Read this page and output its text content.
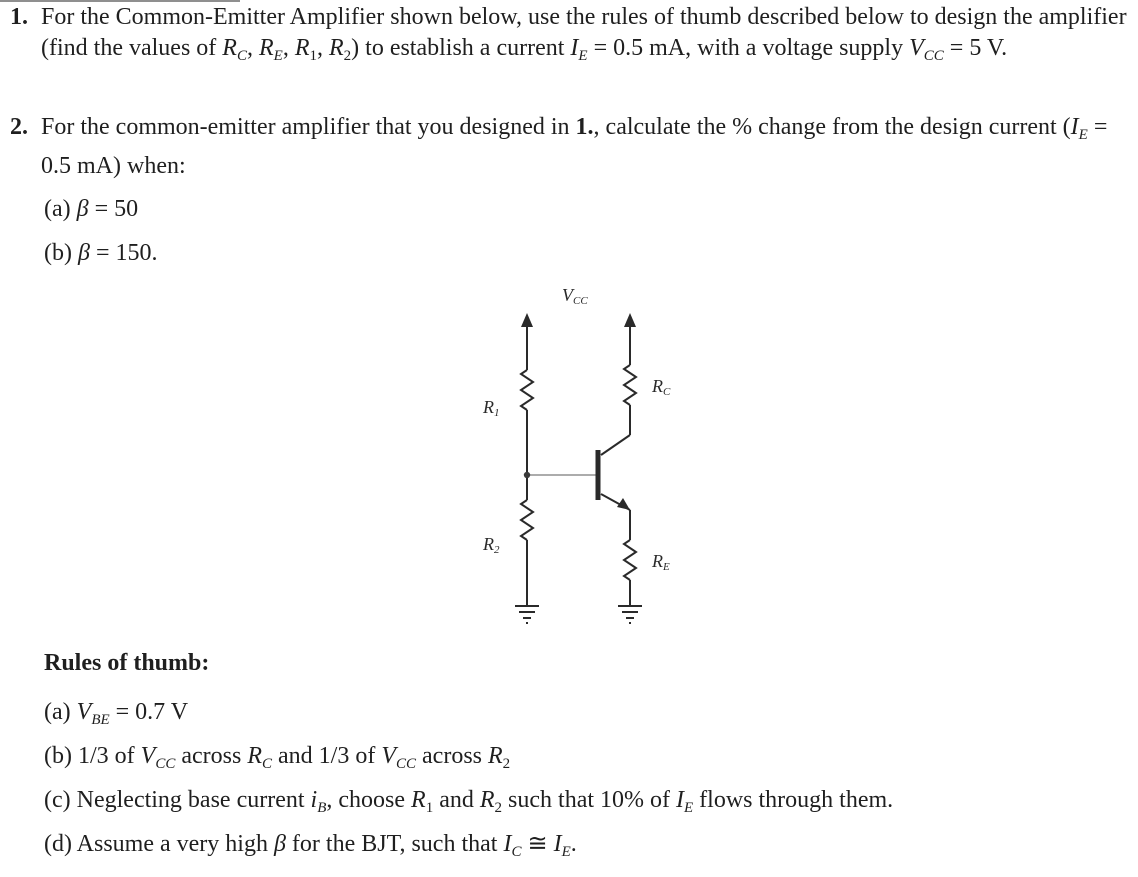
1. For the Common-Emitter Amplifier shown below, use the rules of thumb described below to design the amplifier (find the values of $R_C$, $R_E$, $R_1$, $R_2$) to establish a current $I_E = 0.5$ mA, with a voltage supply $V_{CC} = 5$ V.
2. For the common-emitter amplifier that you designed in 1., calculate the % change from the design current ($I_E = 0.5$ mA) when:
(a) β = 50
(b) β = 150.
VCC
R1
R2
RC
RE
Rules of thumb:
(a) $V_{BE} = 0.7$ V
(b) 1/3 of $V_{CC}$ across $R_C$ and 1/3 of $V_{CC}$ across $R_2$
(c) Neglecting base current $i_B$, choose $R_1$ and $R_2$ such that 10% of $I_E$ flows through them.
(d) Assume a very high β for the BJT, such that $I_C$ ≅ $I_E$.
